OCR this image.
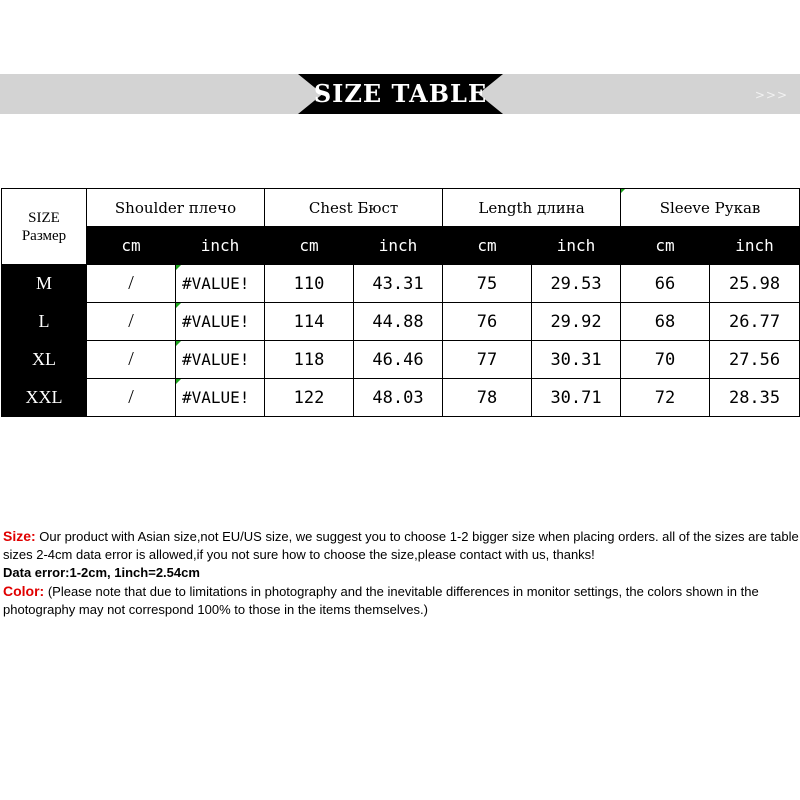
SIZE TABLE	>>>
SIZE
Размер	Shoulder плечо		Chest Бюст		Length длина		Sleeve Рукав	
	cm	inch	cm	inch	cm	inch	cm	inch
M	/	#VALUE!	110	43.31	75	29.53	66	25.98
L	/	#VALUE!	114	44.88	76	29.92	68	26.77
XL	/	#VALUE!	118	46.46	77	30.31	70	27.56
XXL	/	#VALUE!	122	48.03	78	30.71	72	28.35

Size: Our product with Asian size,not EU/US size, we suggest you to choose 1-2 bigger size when placing orders. all of the sizes are table sizes 2-4cm data error is allowed,if you not sure how to choose the size,please contact with us, thanks!

Data error:1-2cm, 1inch=2.54cm

Color: (Please note that due to limitations in photography and the inevitable differences in monitor settings, the colors shown in the photography may not correspond 100% to those in the items themselves.)
